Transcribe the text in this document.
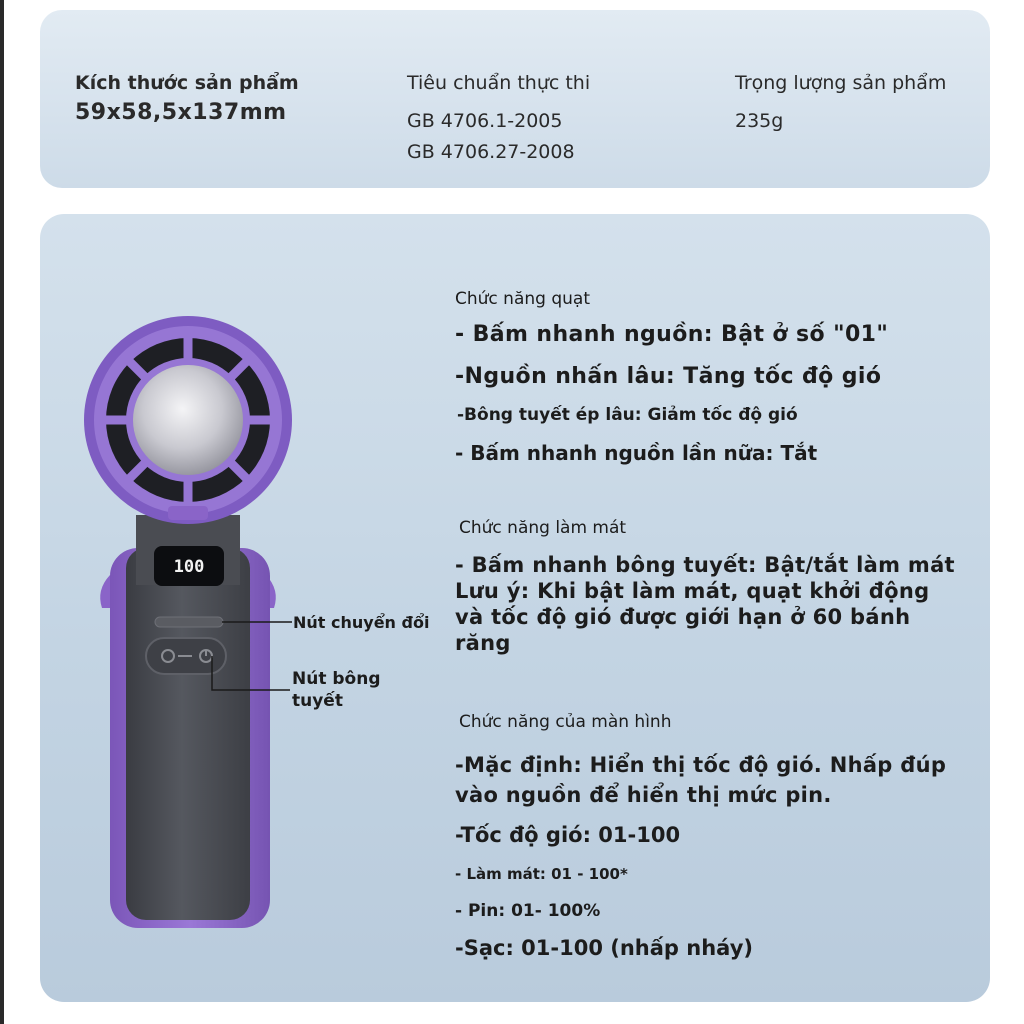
Kích thước sản phẩm
59x58,5x137mm
Tiêu chuẩn thực thi
GB 4706.1-2005
GB 4706.27-2008
Trọng lượng sản phẩm
235g
100
Nút chuyển đổi
Nút bông tuyết
Chức năng quạt
- Bấm nhanh nguồn: Bật ở số "01"
-Nguồn nhấn lâu: Tăng tốc độ gió
-Bông tuyết ép lâu: Giảm tốc độ gió
- Bấm nhanh nguồn lần nữa: Tắt
Chức năng làm mát
- Bấm nhanh bông tuyết: Bật/tắt làm mát Lưu ý: Khi bật làm mát, quạt khởi động và tốc độ gió được giới hạn ở 60 bánh răng
Chức năng của màn hình
-Mặc định: Hiển thị tốc độ gió. Nhấp đúp vào nguồn để hiển thị mức pin.
-Tốc độ gió: 01-100
- Làm mát: 01 - 100*
- Pin: 01- 100%
-Sạc: 01-100 (nhấp nháy)
